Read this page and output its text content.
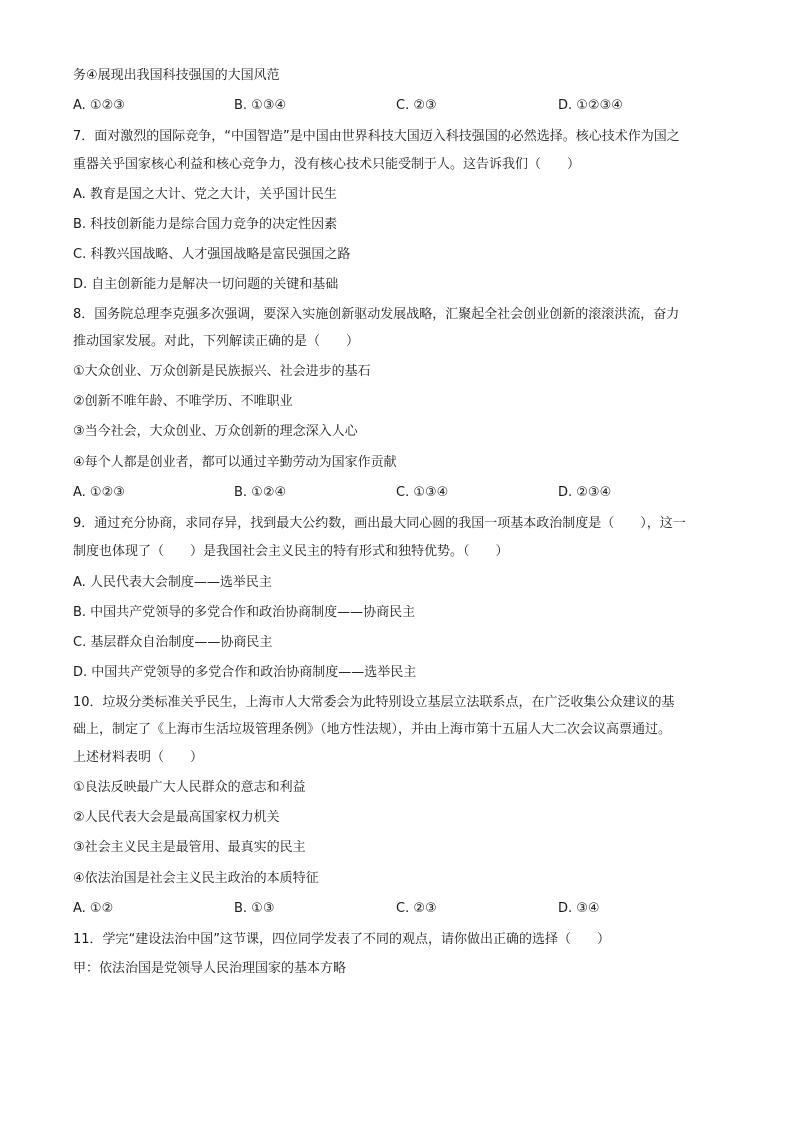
务④展现出我国科技强国的大国风范
A. ①②③	B. ①③④	C. ②③	D. ①②③④
7．面对激烈的国际竞争，“中国智造”是中国由世界科技大国迈入科技强国的必然选择。核心技术作为国之
重器关乎国家核心利益和核心竞争力，没有核心技术只能受制于人。这告诉我们（　　）
A. 教育是国之大计、党之大计，关乎国计民生
B. 科技创新能力是综合国力竞争的决定性因素
C. 科教兴国战略、人才强国战略是富民强国之路
D. 自主创新能力是解决一切问题的关键和基础
8．国务院总理李克强多次强调，要深入实施创新驱动发展战略，汇聚起全社会创业创新的滚滚洪流，奋力
推动国家发展。对此，下列解读正确的是（　　）
①大众创业、万众创新是民族振兴、社会进步的基石
②创新不唯年龄、不唯学历、不唯职业
③当今社会，大众创业、万众创新的理念深入人心
④每个人都是创业者，都可以通过辛勤劳动为国家作贡献
A. ①②③	B. ①②④	C. ①③④	D. ②③④
9．通过充分协商，求同存异，找到最大公约数，画出最大同心圆的我国一项基本政治制度是（　　），这一
制度也体现了（　　）是我国社会主义民主的特有形式和独特优势。（　　）
A. 人民代表大会制度——选举民主
B. 中国共产党领导的多党合作和政治协商制度——协商民主
C. 基层群众自治制度——协商民主
D. 中国共产党领导的多党合作和政治协商制度——选举民主
10．垃圾分类标准关乎民生，上海市人大常委会为此特别设立基层立法联系点，在广泛收集公众建议的基
础上，制定了《上海市生活垃圾管理条例》（地方性法规），并由上海市第十五届人大二次会议高票通过。
上述材料表明（　　）
①良法反映最广大人民群众的意志和利益
②人民代表大会是最高国家权力机关
③社会主义民主是最管用、最真实的民主
④依法治国是社会主义民主政治的本质特征
A. ①②	B. ①③	C. ②③	D. ③④
11．学完“建设法治中国”这节课，四位同学发表了不同的观点，请你做出正确的选择（　　）
甲：依法治国是党领导人民治理国家的基本方略
